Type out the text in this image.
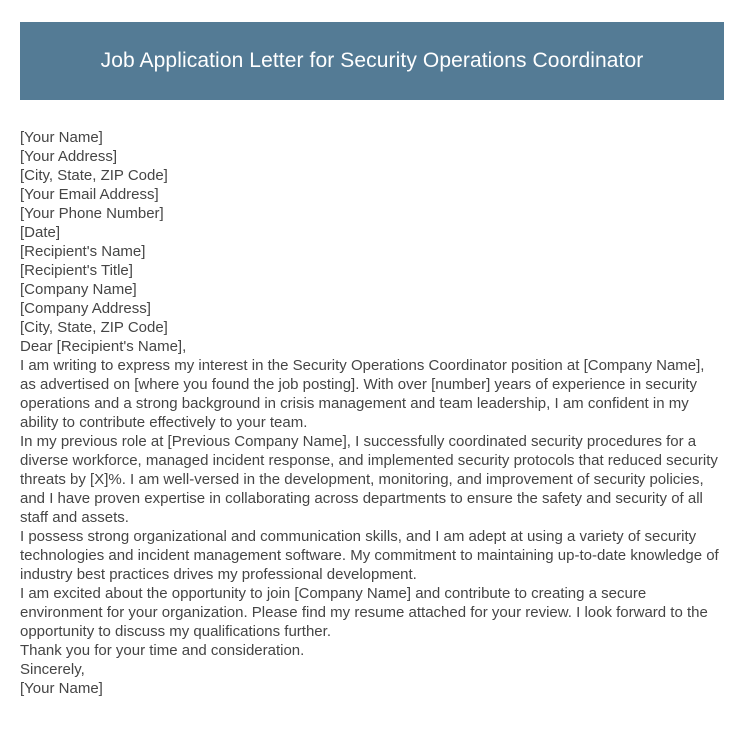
Job Application Letter for Security Operations Coordinator

[Your Name]

[Your Address]

[City, State, ZIP Code]

[Your Email Address]

[Your Phone Number]

[Date]

[Recipient's Name]

[Recipient's Title]

[Company Name]

[Company Address]

[City, State, ZIP Code]

Dear [Recipient's Name],

I am writing to express my interest in the Security Operations Coordinator position at [Company Name], as advertised on [where you found the job posting]. With over [number] years of experience in security operations and a strong background in crisis management and team leadership, I am confident in my ability to contribute effectively to your team.

In my previous role at [Previous Company Name], I successfully coordinated security procedures for a diverse workforce, managed incident response, and implemented security protocols that reduced security threats by [X]%. I am well-versed in the development, monitoring, and improvement of security policies, and I have proven expertise in collaborating across departments to ensure the safety and security of all staff and assets.

I possess strong organizational and communication skills, and I am adept at using a variety of security technologies and incident management software. My commitment to maintaining up-to-date knowledge of industry best practices drives my professional development.

I am excited about the opportunity to join [Company Name] and contribute to creating a secure environment for your organization. Please find my resume attached for your review. I look forward to the opportunity to discuss my qualifications further.

Thank you for your time and consideration.

Sincerely,

[Your Name]
